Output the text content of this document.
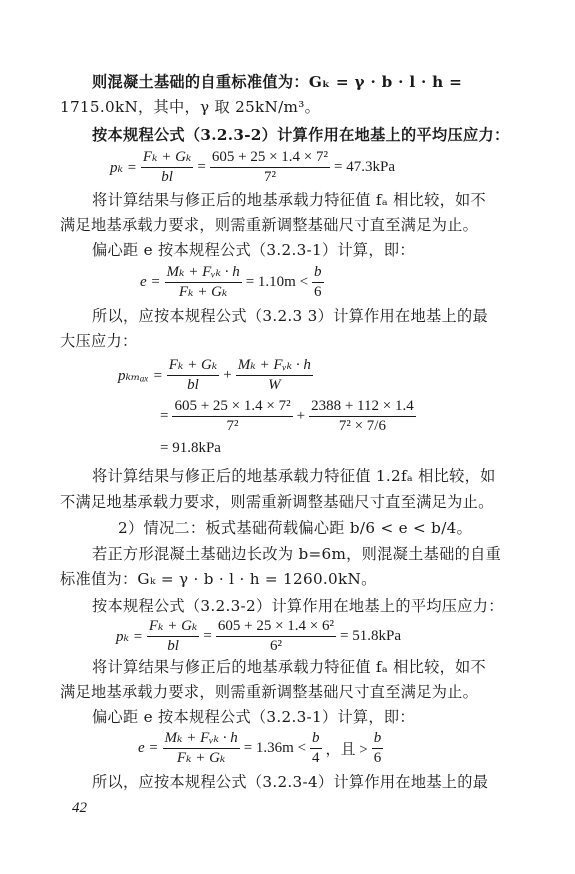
则混凝土基础的自重标准值为：Gₖ = γ · b · l · h =
1715.0kN，其中，γ 取 25kN/m³。
按本规程公式（3.2.3-2）计算作用在地基上的平均压应力：
$p_k = \frac{\text{Fₖ + Gₖ}}{bl} = \frac{\text{605 + 25 × 1.4 × 7²}}{\text{7²}} = 47.3kPa$
将计算结果与修正后的地基承载力特征值 fₐ 相比较，如不
满足地基承载力要求，则需重新调整基础尺寸直至满足为止。
偏心距 e 按本规程公式（3.2.3-1）计算，即：
$e = \frac{\text{Mₖ + Fᵥₖ · h}}{\text{Fₖ + Gₖ}} = 1.10m < \frac{b}{6}$
所以，应按本规程公式（3.2.3 3）计算作用在地基上的最
大压应力：
$p_{kmax} = \frac{\text{Fₖ + Gₖ}}{bl} + \frac{\text{Mₖ + Fᵥₖ · h}}{W}$
= $\frac{\text{605 + 25 × 1.4 × 7²}}{\text{7²}} + \frac{2388 + 112 \times 1.4}{\text{7² × 7/6}}$
= 91.8kPa
将计算结果与修正后的地基承载力特征值 1.2fₐ 相比较，如
不满足地基承载力要求，则需重新调整基础尺寸直至满足为止。
2）情况二：板式基础荷载偏心距 b/6 < e < b/4。
若正方形混凝土基础边长改为 b=6m，则混凝土基础的自重
标准值为：Gₖ = γ · b · l · h = 1260.0kN。
按本规程公式（3.2.3-2）计算作用在地基上的平均压应力：
$p_k = \frac{\text{Fₖ + Gₖ}}{bl} = \frac{\text{605 + 25 × 1.4 × 6²}}{\text{6²}} = 51.8kPa$
将计算结果与修正后的地基承载力特征值 fₐ 相比较，如不
满足地基承载力要求，则需重新调整基础尺寸直至满足为止。
偏心距 e 按本规程公式（3.2.3-1）计算，即：
$e = \frac{\text{Mₖ + Fᵥₖ · h}}{\text{Fₖ + Gₖ}} = 1.36m < \frac{b}{4}$ ，且 > $\frac{b}{6}$
所以，应按本规程公式（3.2.3-4）计算作用在地基上的最
42
